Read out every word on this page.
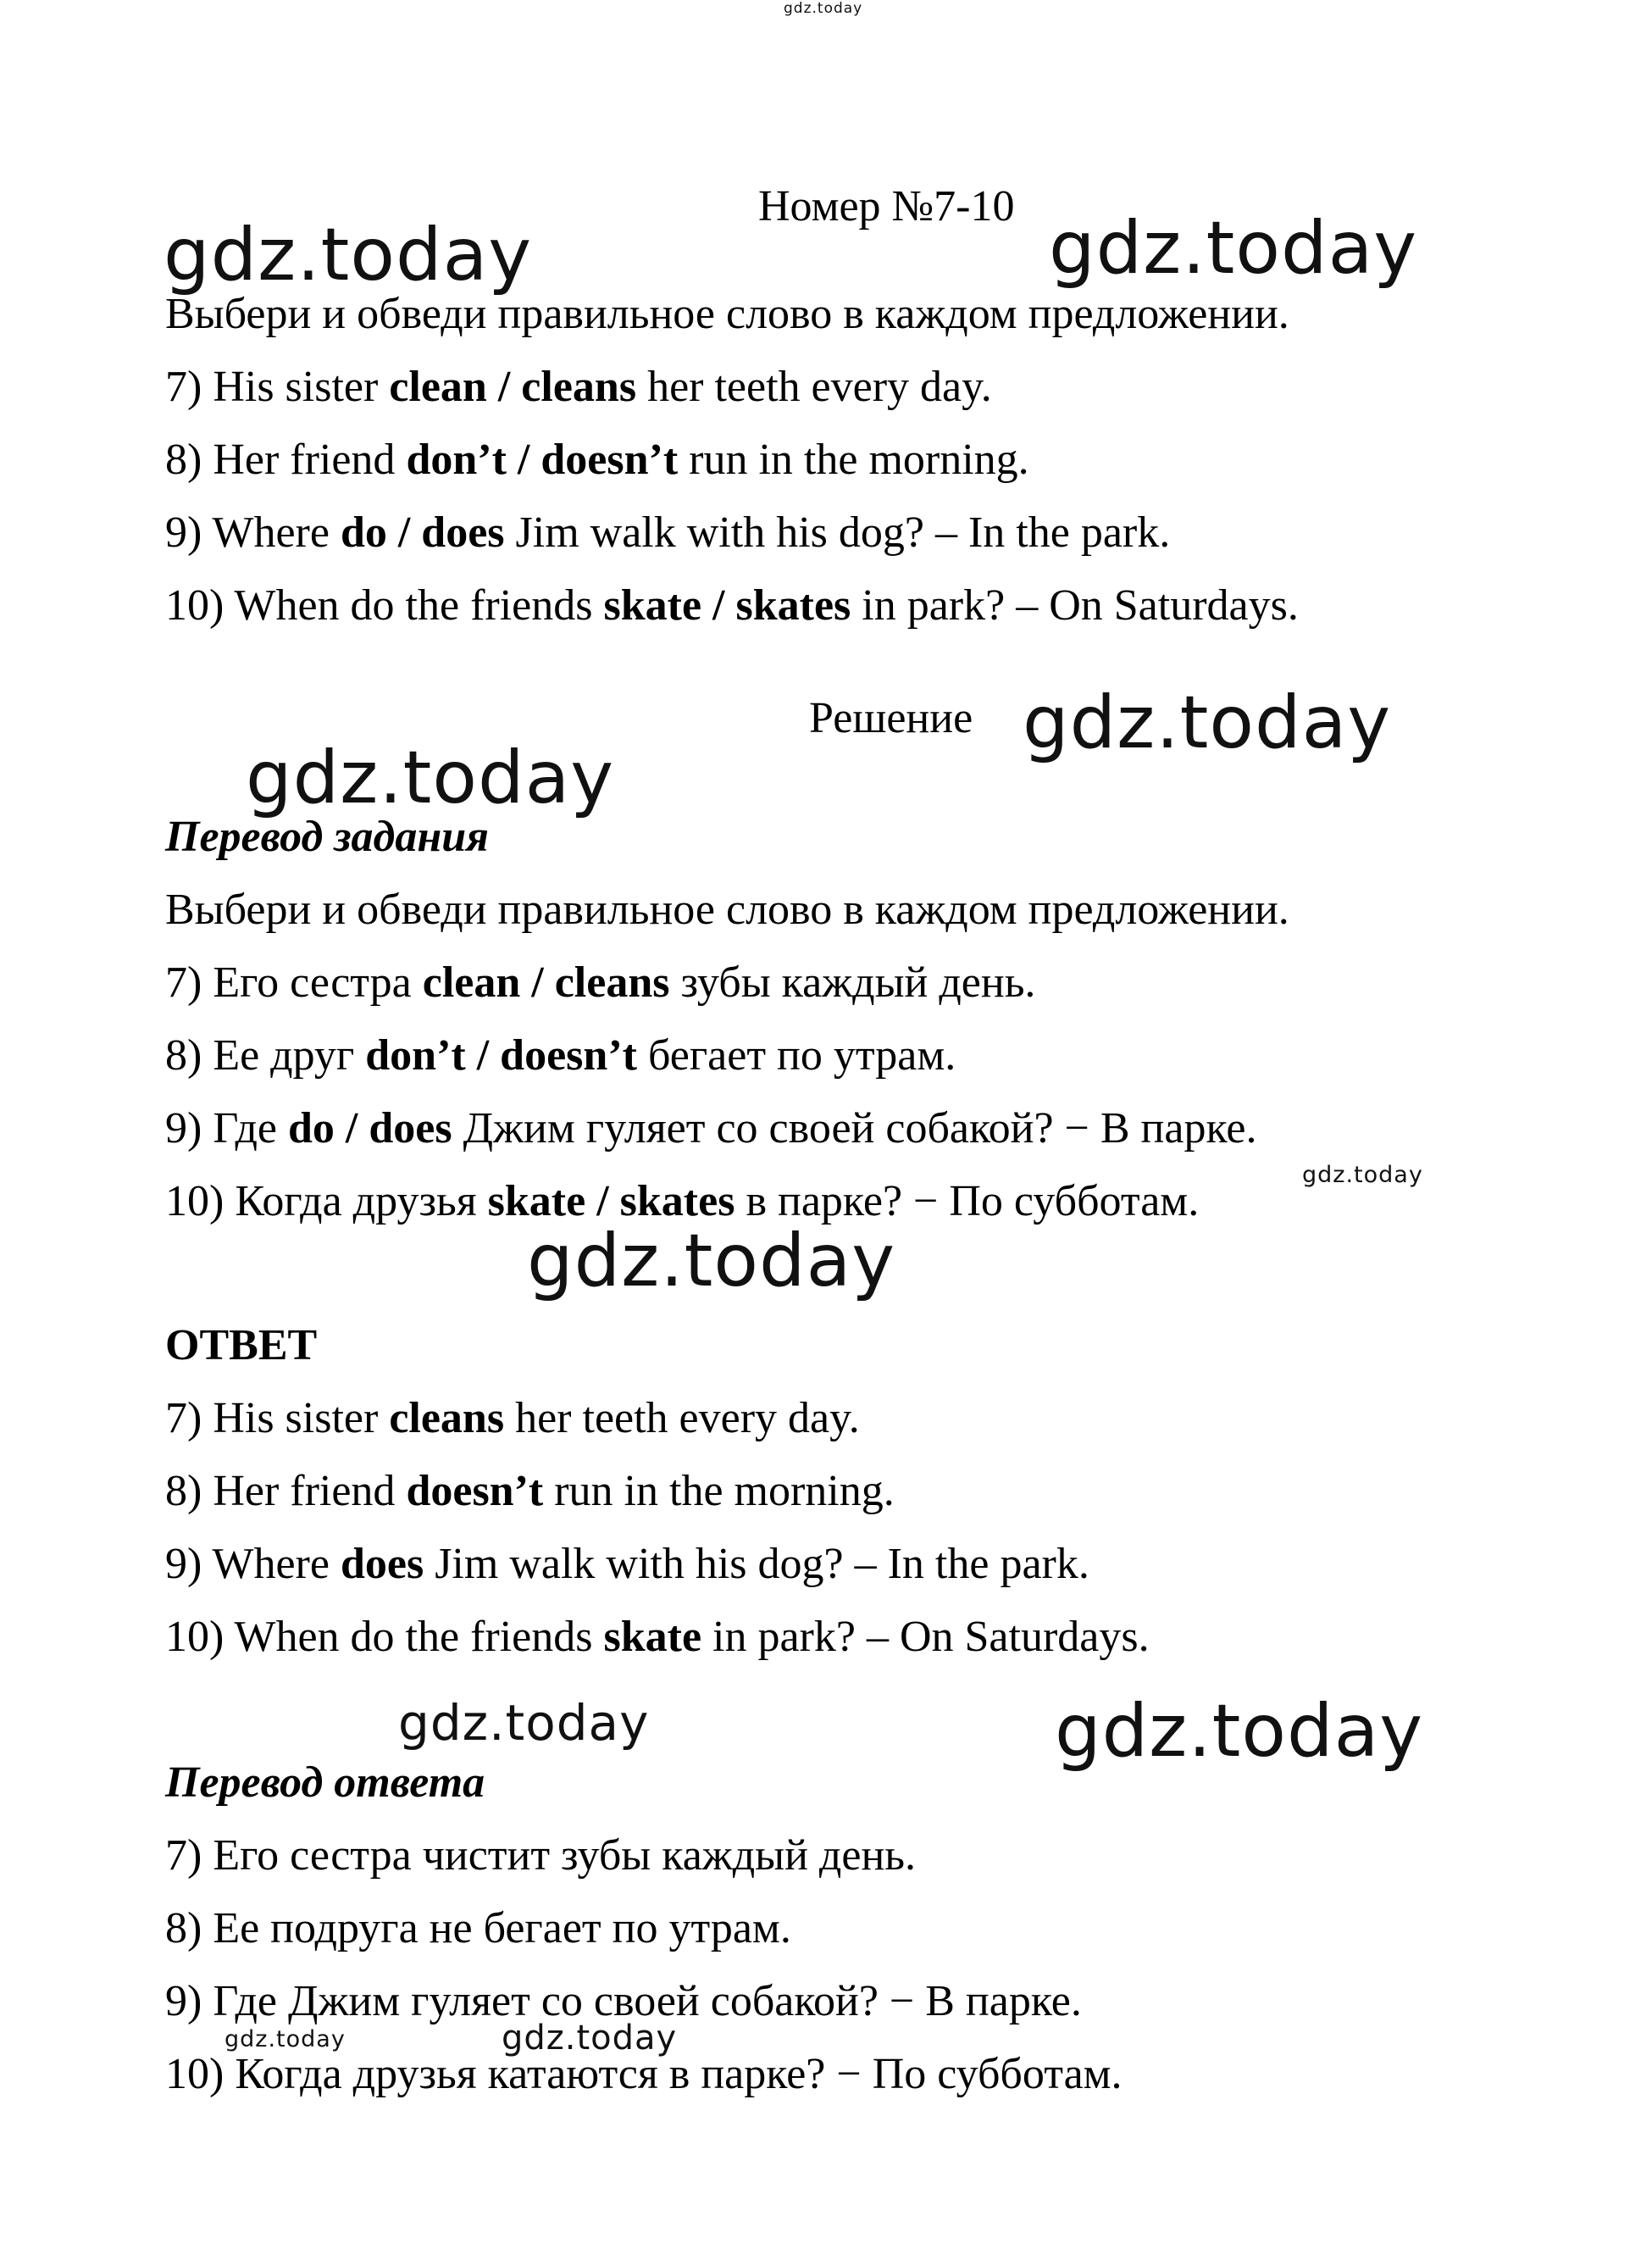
gdz.today
Номер №7-10
gdz.today	gdz.today
Выбери и обведи правильное слово в каждом предложении.
7) His sister clean / cleans her teeth every day.
8) Her friend don’t / doesn’t run in the morning.
9) Where do / does Jim walk with his dog? – In the park.
10) When do the friends skate / skates in park? – On Saturdays.
Решение gdz.today
gdz.today
Перевод задания
Выбери и обведи правильное слово в каждом предложении.
7) Его сестра clean / cleans зубы каждый день.
8) Ее друг don’t / doesn’t бегает по утрам.
9) Где do / does Джим гуляет со своей собакой? − В парке.
gdz.today
10) Когда друзья skate / skates в парке? − По субботам.
gdz.today
ОТВЕТ
7) His sister cleans her teeth every day.
8) Her friend doesn’t run in the morning.
9) Where does Jim walk with his dog? – In the park.
10) When do the friends skate in park? – On Saturdays.
gdz.today	gdz.today
Перевод ответа
7) Его сестра чистит зубы каждый день.
8) Ее подруга не бегает по утрам.
9) Где Джим гуляет со своей собакой? − В парке.
gdz.today	gdz.today
10) Когда друзья катаются в парке? − По субботам.
